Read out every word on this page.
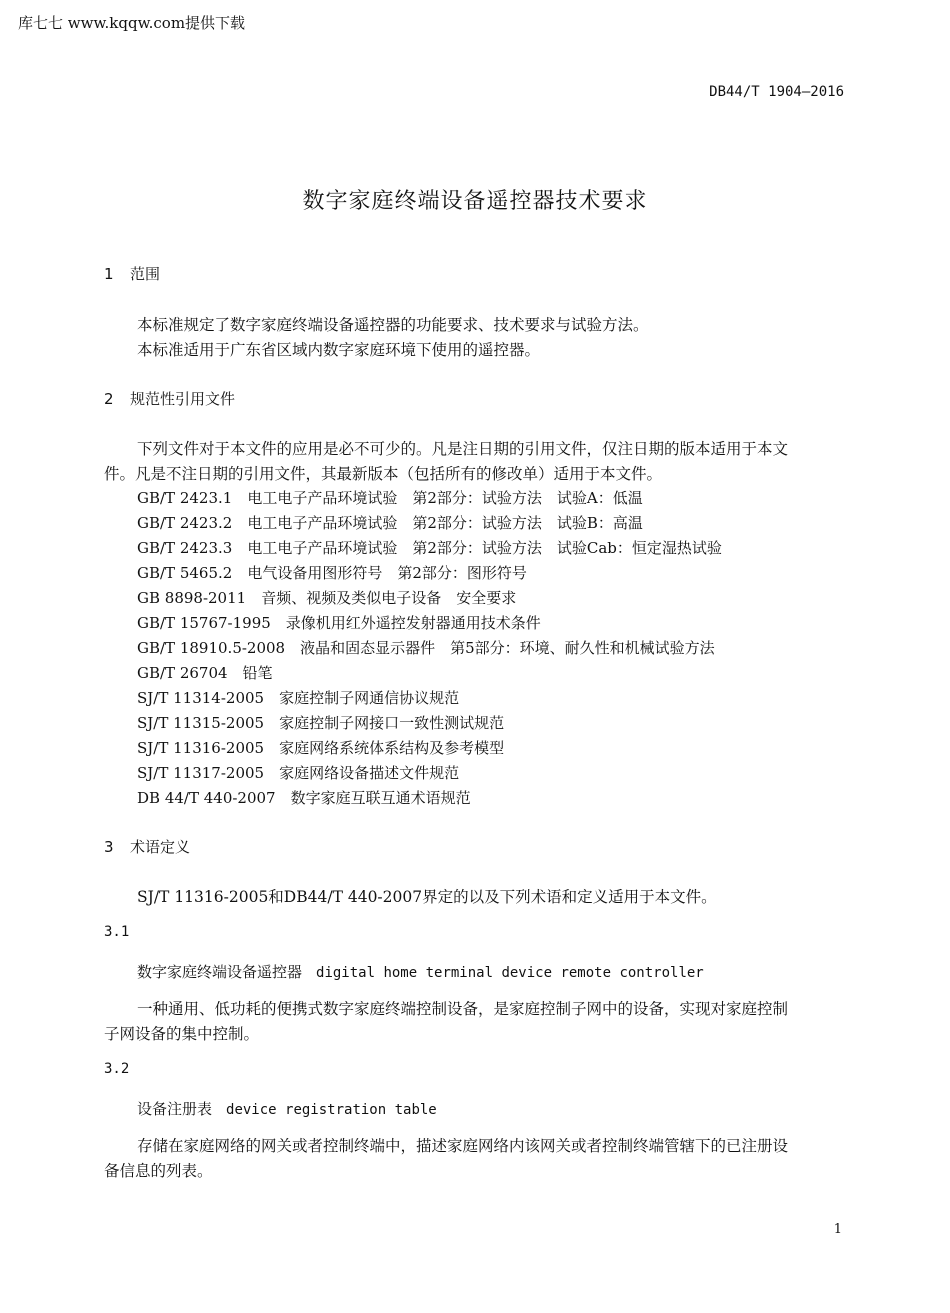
库七七 www.kqqw.com提供下载
DB44/T 1904—2016
数字家庭终端设备遥控器技术要求
1 范围
本标准规定了数字家庭终端设备遥控器的功能要求、技术要求与试验方法。
本标准适用于广东省区域内数字家庭环境下使用的遥控器。
2 规范性引用文件
下列文件对于本文件的应用是必不可少的。凡是注日期的引用文件，仅注日期的版本适用于本文
件。凡是不注日期的引用文件，其最新版本（包括所有的修改单）适用于本文件。
GB/T 2423.1　电工电子产品环境试验　第2部分：试验方法　试验A：低温
GB/T 2423.2　电工电子产品环境试验　第2部分：试验方法　试验B：高温
GB/T 2423.3　电工电子产品环境试验　第2部分：试验方法　试验Cab：恒定湿热试验
GB/T 5465.2　电气设备用图形符号　第2部分：图形符号
GB 8898-2011　音频、视频及类似电子设备　安全要求
GB/T 15767-1995　录像机用红外遥控发射器通用技术条件
GB/T 18910.5-2008　液晶和固态显示器件　第5部分：环境、耐久性和机械试验方法
GB/T 26704　铅笔
SJ/T 11314-2005　家庭控制子网通信协议规范
SJ/T 11315-2005　家庭控制子网接口一致性测试规范
SJ/T 11316-2005　家庭网络系统体系结构及参考模型
SJ/T 11317-2005　家庭网络设备描述文件规范
DB 44/T 440-2007　数字家庭互联互通术语规范
3 术语定义
SJ/T 11316-2005和DB44/T 440-2007界定的以及下列术语和定义适用于本文件。
3.1
数字家庭终端设备遥控器 digital home terminal device remote controller
一种通用、低功耗的便携式数字家庭终端控制设备，是家庭控制子网中的设备，实现对家庭控制
子网设备的集中控制。
3.2
设备注册表 device registration table
存储在家庭网络的网关或者控制终端中，描述家庭网络内该网关或者控制终端管辖下的已注册设
备信息的列表。
1
